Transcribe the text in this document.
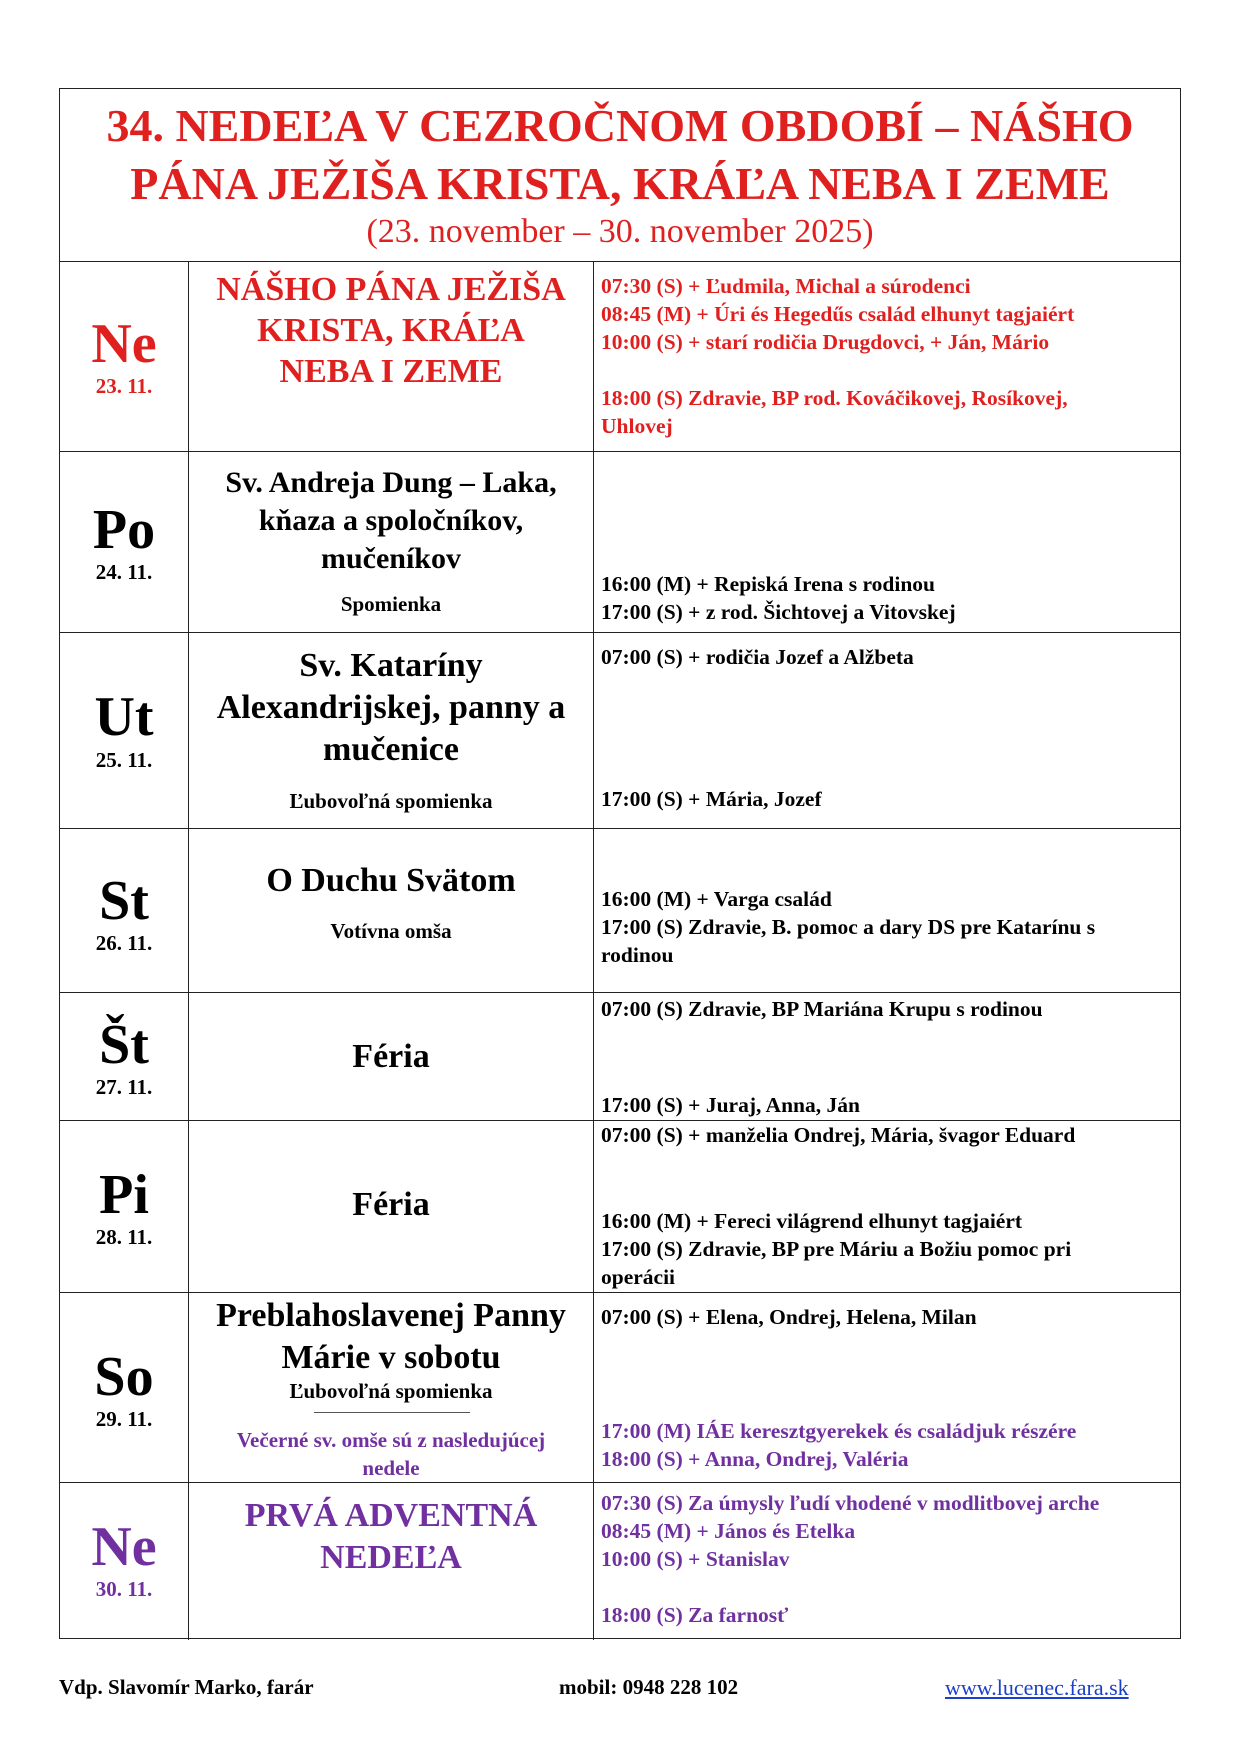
34. NEDEĽA V CEZROČNOM OBDOBÍ – NÁŠHO
PÁNA JEŽIŠA KRISTA, KRÁĽA NEBA I ZEME
(23. november – 30. november 2025)
Ne
23. 11.
NÁŠHO PÁNA JEŽIŠA
KRISTA, KRÁĽA
NEBA I ZEME
07:30 (S) + Ľudmila, Michal a súrodenci
08:45 (M) + Úri és Hegedűs család elhunyt tagjaiért
10:00 (S) + starí rodičia Drugdovci, + Ján, Mário
18:00 (S) Zdravie, BP rod. Kováčikovej, Rosíkovej,
Uhlovej
Po
24. 11.
Sv. Andreja Dung – Laka,
kňaza a spoločníkov,
mučeníkov
Spomienka
16:00 (M) + Repiská Irena s rodinou
17:00 (S) + z rod. Šichtovej a Vitovskej
Ut
25. 11.
Sv. Kataríny
Alexandrijskej, panny a
mučenice
Ľubovoľná spomienka
07:00 (S) + rodičia Jozef a Alžbeta
17:00 (S) + Mária, Jozef
St
26. 11.
O Duchu Svätom
Votívna omša
16:00 (M) + Varga család
17:00 (S) Zdravie, B. pomoc a dary DS pre Katarínu s
rodinou
Št
27. 11.
Féria
07:00 (S) Zdravie, BP Mariána Krupu s rodinou
17:00 (S) + Juraj, Anna, Ján
Pi
28. 11.
Féria
07:00 (S) + manželia Ondrej, Mária, švagor Eduard
16:00 (M) + Fereci világrend elhunyt tagjaiért
17:00 (S) Zdravie, BP pre Máriu a Božiu pomoc pri
operácii
So
29. 11.
Preblahoslavenej Panny
Márie v sobotu
Ľubovoľná spomienka
Večerné sv. omše sú z nasledujúcej
nedele
07:00 (S) + Elena, Ondrej, Helena, Milan
17:00 (M) IÁE keresztgyerekek és családjuk részére
18:00 (S) + Anna, Ondrej, Valéria
Ne
30. 11.
PRVÁ ADVENTNÁ
NEDEĽA
07:30 (S) Za úmysly ľudí vhodené v modlitbovej arche
08:45 (M) + János és Etelka
10:00 (S) + Stanislav
18:00 (S) Za farnosť
Vdp. Slavomír Marko, farár	mobil: 0948 228 102	www.lucenec.fara.sk
